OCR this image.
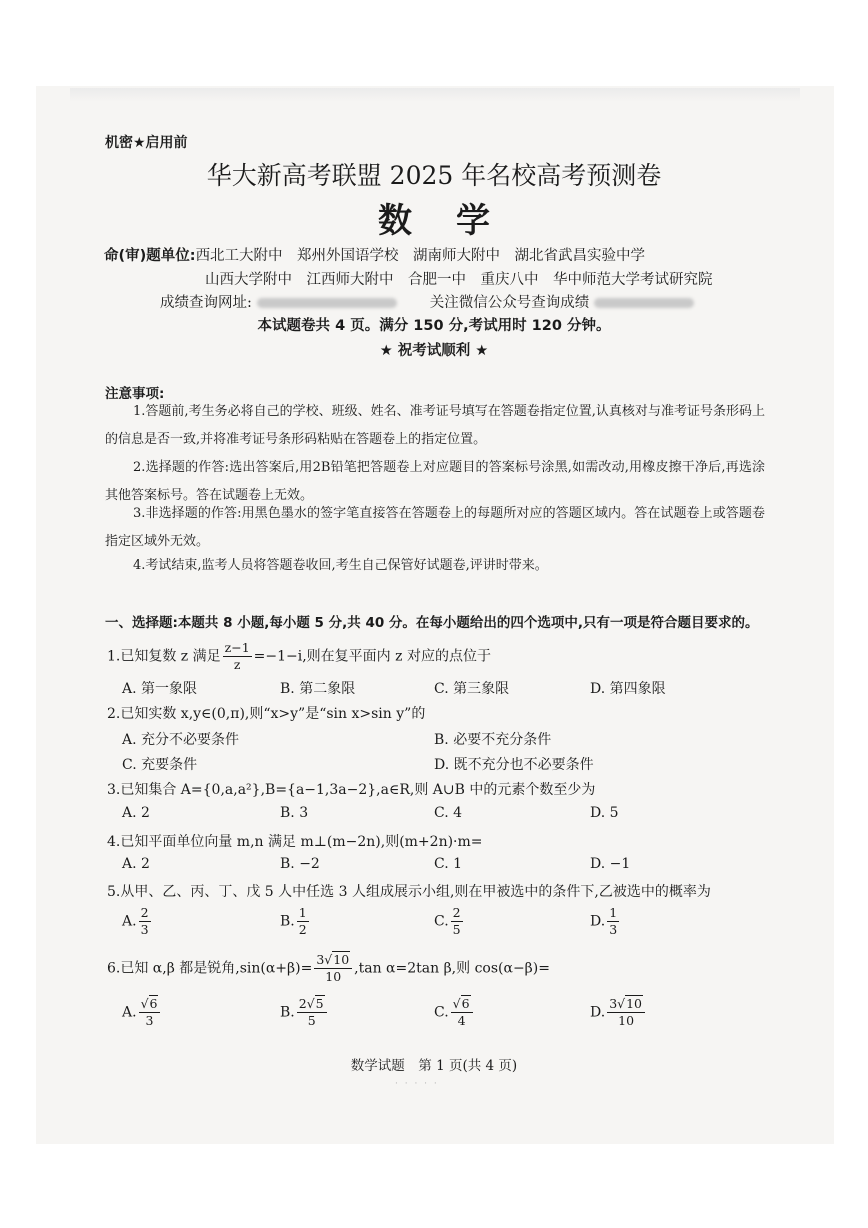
机密★启用前
华大新高考联盟 2025 年名校高考预测卷
数学
命(审)题单位:西北工大附中　郑州外国语学校　湖南师大附中　湖北省武昌实验中学
山西大学附中　江西师大附中　合肥一中　重庆八中　华中师范大学考试研究院
成绩查询网址:	关注微信公众号查询成绩
本试题卷共 4 页。满分 150 分,考试用时 120 分钟。
★ 祝考试顺利 ★
注意事项:
1.答题前,考生务必将自己的学校、班级、姓名、准考证号填写在答题卷指定位置,认真核对与准考证号条形码上的信息是否一致,并将准考证号条形码粘贴在答题卷上的指定位置。
2.选择题的作答:选出答案后,用2B铅笔把答题卷上对应题目的答案标号涂黑,如需改动,用橡皮擦干净后,再选涂其他答案标号。答在试题卷上无效。
3.非选择题的作答:用黑色墨水的签字笔直接答在答题卷上的每题所对应的答题区域内。答在试题卷上或答题卷指定区域外无效。
4.考试结束,监考人员将答题卷收回,考生自己保管好试题卷,评讲时带来。
一、选择题:本题共 8 小题,每小题 5 分,共 40 分。在每小题给出的四个选项中,只有一项是符合题目要求的。
1.已知复数 z 满足 $\frac{z-1}{z} =-1-i$,则在复平面内 z 对应的点位于
A. 第一象限	B. 第二象限	C. 第三象限	D. 第四象限
2.已知实数 x,y∈(0,π),则“x>y”是“sin x>sin y”的
A. 充分不必要条件	B. 必要不充分条件
C. 充要条件	D. 既不充分也不必要条件
3.已知集合 A={0,a,a²},B={a−1,3a−2},a∈R,则 A∪B 中的元素个数至少为
A. 2	B. 3	C. 4	D. 5
4.已知平面单位向量 m,n 满足 m⊥(m−2n),则(m+2n)·m=
A. 2	B. −2	C. 1	D. −1
5.从甲、乙、丙、丁、戊 5 人中任选 3 人组成展示小组,则在甲被选中的条件下,乙被选中的概率为
A. $\frac{2}{3}$	B. $\frac{1}{2}$	C. $\frac{2}{5}$	D. $\frac{1}{3}$
6.已知 α,β 都是锐角$,\sin(\alpha+\beta)= \frac{3√10}{10} ,\tan$ α=2tan β,则 cos(α−β)=
A. $\frac{√6}{3}$	B. $\frac{2√5}{5}$	C. $\frac{√6}{4}$	D. $\frac{3√10}{10}$
数学试题　第 1 页(共 4 页)
· · · · ·
